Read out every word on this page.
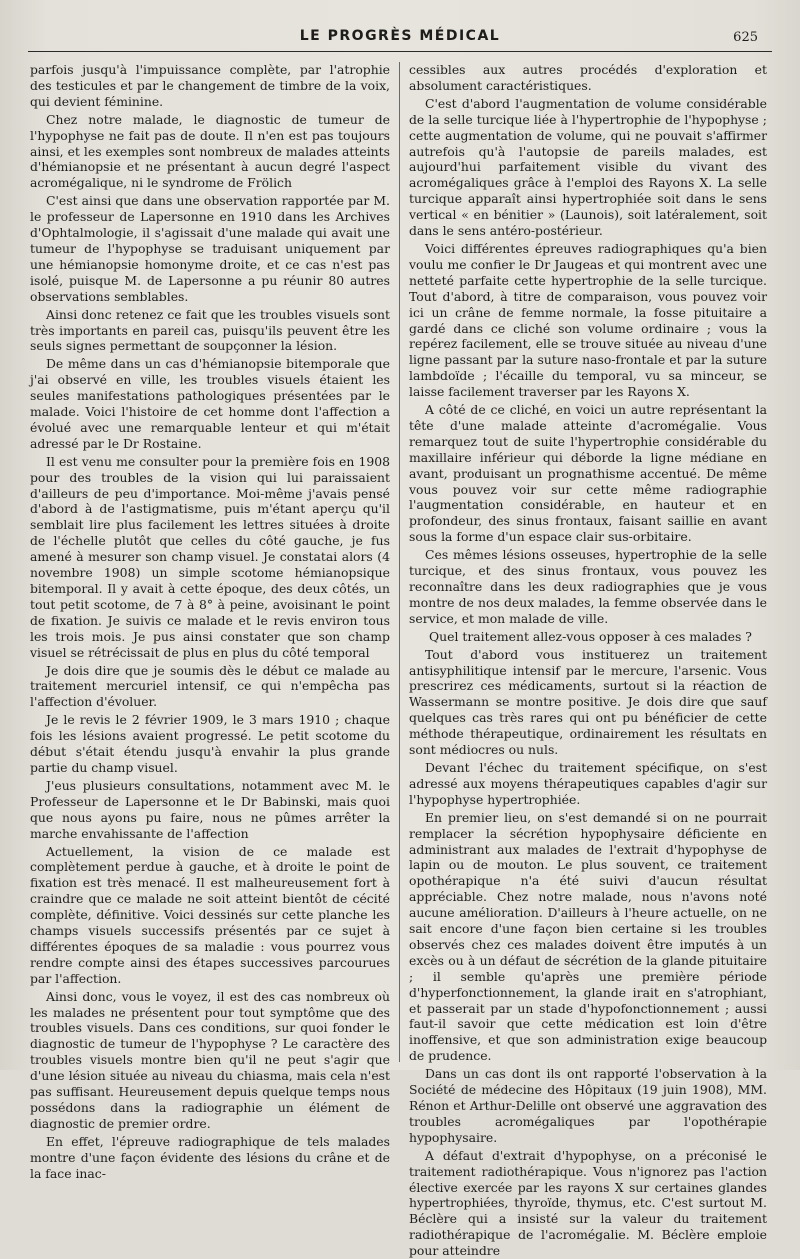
LE PROGRÈS MÉDICAL	625

parfois jusqu'à l'impuissance complète, par l'atrophie des testicules et par le changement de timbre de la voix, qui devient féminine.

Chez notre malade, le diagnostic de tumeur de l'hypophyse ne fait pas de doute. Il n'en est pas toujours ainsi, et les exemples sont nombreux de malades atteints d'hémianopsie et ne présentant à aucun degré l'aspect acromégalique, ni le syndrome de Frölich

C'est ainsi que dans une observation rapportée par M. le professeur de Lapersonne en 1910 dans les Archives d'Ophtalmologie, il s'agissait d'une malade qui avait une tumeur de l'hypophyse se traduisant uniquement par une hémianopsie homonyme droite, et ce cas n'est pas isolé, puisque M. de Lapersonne a pu réunir 80 autres observations semblables.

Ainsi donc retenez ce fait que les troubles visuels sont très importants en pareil cas, puisqu'ils peuvent être les seuls signes permettant de soupçonner la lésion.

De même dans un cas d'hémianopsie bitemporale que j'ai observé en ville, les troubles visuels étaient les seules manifestations pathologiques présentées par le malade. Voici l'histoire de cet homme dont l'affection a évolué avec une remarquable lenteur et qui m'était adressé par le Dr Rostaine.

Il est venu me consulter pour la première fois en 1908 pour des troubles de la vision qui lui paraissaient d'ailleurs de peu d'importance. Moi-même j'avais pensé d'abord à de l'astigmatisme, puis m'étant aperçu qu'il semblait lire plus facilement les lettres situées à droite de l'échelle plutôt que celles du côté gauche, je fus amené à mesurer son champ visuel. Je constatai alors (4 novembre 1908) un simple scotome hémianopsique bitemporal. Il y avait à cette époque, des deux côtés, un tout petit scotome, de 7 à 8° à peine, avoisinant le point de fixation. Je suivis ce malade et le revis environ tous les trois mois. Je pus ainsi constater que son champ visuel se rétrécissait de plus en plus du côté temporal

Je dois dire que je soumis dès le début ce malade au traitement mercuriel intensif, ce qui n'empêcha pas l'affection d'évoluer.

Je le revis le 2 février 1909, le 3 mars 1910 ; chaque fois les lésions avaient progressé. Le petit scotome du début s'était étendu jusqu'à envahir la plus grande partie du champ visuel.

J'eus plusieurs consultations, notamment avec M. le Professeur de Lapersonne et le Dr Babinski, mais quoi que nous ayons pu faire, nous ne pûmes arrêter la marche envahissante de l'affection

Actuellement, la vision de ce malade est complètement perdue à gauche, et à droite le point de fixation est très menacé. Il est malheureusement fort à craindre que ce malade ne soit atteint bientôt de cécité complète, définitive. Voici dessinés sur cette planche les champs visuels successifs présentés par ce sujet à différentes époques de sa maladie : vous pourrez vous rendre compte ainsi des étapes successives parcourues par l'affection.

Ainsi donc, vous le voyez, il est des cas nombreux où les malades ne présentent pour tout symptôme que des troubles visuels. Dans ces conditions, sur quoi fonder le diagnostic de tumeur de l'hypophyse ? Le caractère des troubles visuels montre bien qu'il ne peut s'agir que d'une lésion située au niveau du chiasma, mais cela n'est pas suffisant. Heureusement depuis quelque temps nous possédons dans la radiographie un élément de diagnostic de premier ordre.

En effet, l'épreuve radiographique de tels malades montre d'une façon évidente des lésions du crâne et de la face inac-

cessibles aux autres procédés d'exploration et absolument caractéristiques.

C'est d'abord l'augmentation de volume considérable de la selle turcique liée à l'hypertrophie de l'hypophyse ; cette augmentation de volume, qui ne pouvait s'affirmer autrefois qu'à l'autopsie de pareils malades, est aujourd'hui parfaitement visible du vivant des acromégaliques grâce à l'emploi des Rayons X. La selle turcique apparaît ainsi hypertrophiée soit dans le sens vertical « en bénitier » (Launois), soit latéralement, soit dans le sens antéro-postérieur.

Voici différentes épreuves radiographiques qu'a bien voulu me confier le Dr Jaugeas et qui montrent avec une netteté parfaite cette hypertrophie de la selle turcique. Tout d'abord, à titre de comparaison, vous pouvez voir ici un crâne de femme normale, la fosse pituitaire a gardé dans ce cliché son volume ordinaire ; vous la repérez facilement, elle se trouve située au niveau d'une ligne passant par la suture naso-frontale et par la suture lambdoïde ; l'écaille du temporal, vu sa minceur, se laisse facilement traverser par les Rayons X.

A côté de ce cliché, en voici un autre représentant la tête d'une malade atteinte d'acromégalie. Vous remarquez tout de suite l'hypertrophie considérable du maxillaire inférieur qui déborde la ligne médiane en avant, produisant un prognathisme accentué. De même vous pouvez voir sur cette même radiographie l'augmentation considérable, en hauteur et en profondeur, des sinus frontaux, faisant saillie en avant sous la forme d'un espace clair sus-orbitaire.

Ces mêmes lésions osseuses, hypertrophie de la selle turcique, et des sinus frontaux, vous pouvez les reconnaître dans les deux radiographies que je vous montre de nos deux malades, la femme observée dans le service, et mon malade de ville.

Quel traitement allez-vous opposer à ces malades ?

Tout d'abord vous instituerez un traitement antisyphilitique intensif par le mercure, l'arsenic. Vous prescrirez ces médicaments, surtout si la réaction de Wassermann se montre positive. Je dois dire que sauf quelques cas très rares qui ont pu bénéficier de cette méthode thérapeutique, ordinairement les résultats en sont médiocres ou nuls.

Devant l'échec du traitement spécifique, on s'est adressé aux moyens thérapeutiques capables d'agir sur l'hypophyse hypertrophiée.

En premier lieu, on s'est demandé si on ne pourrait remplacer la sécrétion hypophysaire déficiente en administrant aux malades de l'extrait d'hypophyse de lapin ou de mouton. Le plus souvent, ce traitement opothérapique n'a été suivi d'aucun résultat appréciable. Chez notre malade, nous n'avons noté aucune amélioration. D'ailleurs à l'heure actuelle, on ne sait encore d'une façon bien certaine si les troubles observés chez ces malades doivent être imputés à un excès ou à un défaut de sécrétion de la glande pituitaire ; il semble qu'après une première période d'hyperfonctionnement, la glande irait en s'atrophiant, et passerait par un stade d'hypofonctionnement ; aussi faut-il savoir que cette médication est loin d'être inoffensive, et que son administration exige beaucoup de prudence.

Dans un cas dont ils ont rapporté l'observation à la Société de médecine des Hôpitaux (19 juin 1908), MM. Rénon et Arthur-Delille ont observé une aggravation des troubles acromégaliques par l'opothérapie hypophysaire.

A défaut d'extrait d'hypophyse, on a préconisé le traitement radiothérapique. Vous n'ignorez pas l'action élective exercée par les rayons X sur certaines glandes hypertrophiées, thyroïde, thymus, etc. C'est surtout M. Béclère qui a insisté sur la valeur du traitement radiothérapique de l'acromégalie. M. Béclère emploie pour atteindre
